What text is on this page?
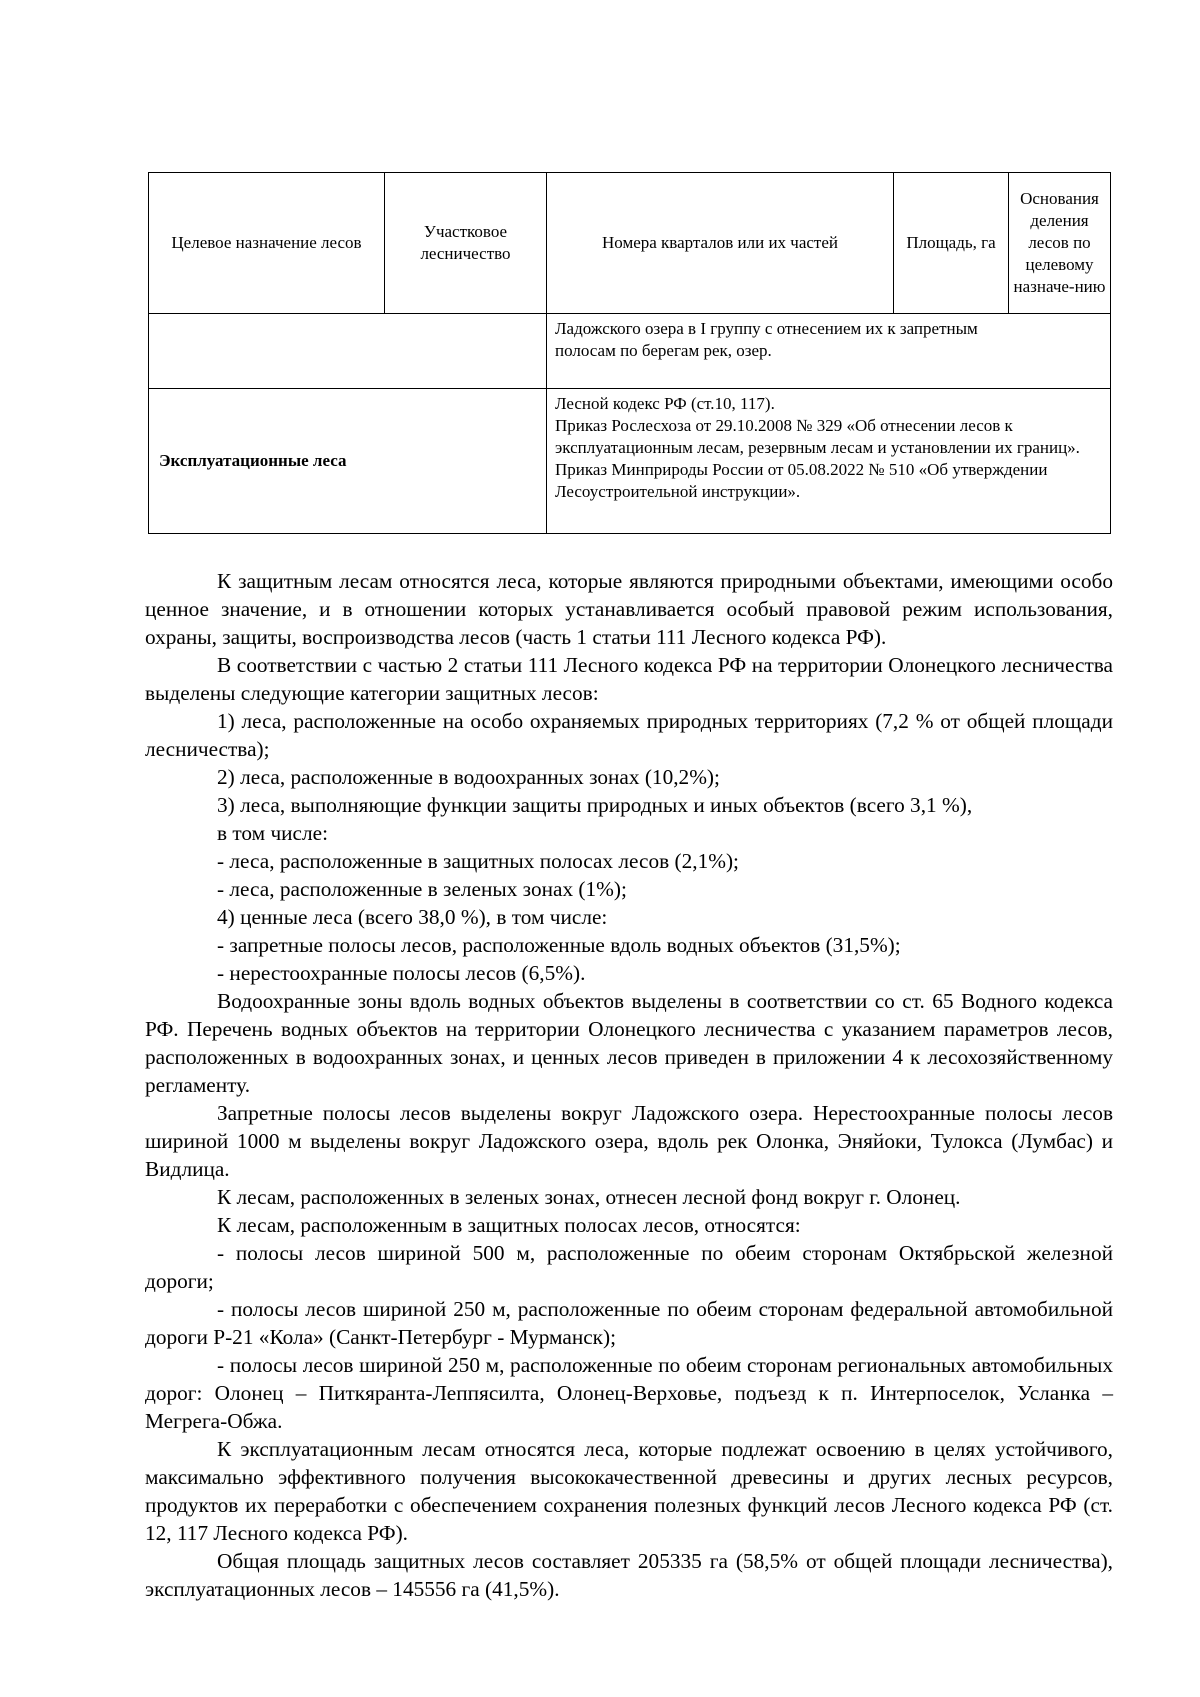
Целевое назначение лесов	Участковое лесничество	Номера кварталов или их частей	Площадь, га	Основания деления лесов по целевому назначе-нию

		Ладожского озера в I группу с отнесением их к запретным
полосам по берегам рек, озер.		

Эксплуатационные леса		Лесной кодекс РФ (ст.10, 117).
Приказ Рослесхоза от 29.10.2008 № 329 «Об отнесении лесов к эксплуатационным лесам, резервным лесам и установлении их границ».
Приказ Минприроды России от 05.08.2022 № 510 «Об утверждении Лесоустроительной инструкции».		

К защитным лесам относятся леса, которые являются природными объектами, имеющими особо ценное значение, и в отношении которых устанавливается особый правовой режим использования, охраны, защиты, воспроизводства лесов (часть 1 статьи 111 Лесного кодекса РФ).

В соответствии с частью 2 статьи 111 Лесного кодекса РФ на территории Олонецкого лесничества выделены следующие категории защитных лесов:

1) леса, расположенные на особо охраняемых природных территориях (7,2 % от общей площади лесничества);

2) леса, расположенные в водоохранных зонах (10,2%);

3) леса, выполняющие функции защиты природных и иных объектов (всего 3,1 %),

в том числе:

- леса, расположенные в защитных полосах лесов (2,1%);

- леса, расположенные в зеленых зонах (1%);

4) ценные леса (всего 38,0 %), в том числе:

- запретные полосы лесов, расположенные вдоль водных объектов (31,5%);

- нерестоохранные полосы лесов (6,5%).

Водоохранные зоны вдоль водных объектов выделены в соответствии со ст. 65 Водного кодекса РФ. Перечень водных объектов на территории Олонецкого лесничества с указанием параметров лесов, расположенных в водоохранных зонах, и ценных лесов приведен в приложении 4 к лесохозяйственному регламенту.

Запретные полосы лесов выделены вокруг Ладожского озера. Нерестоохранные полосы лесов шириной 1000 м выделены вокруг Ладожского озера, вдоль рек Олонка, Эняйоки, Тулокса (Лумбас) и Видлица.

К лесам, расположенных в зеленых зонах, отнесен лесной фонд вокруг г. Олонец.

К лесам, расположенным в защитных полосах лесов, относятся:

- полосы лесов шириной 500 м, расположенные по обеим сторонам Октябрьской железной дороги;

- полосы лесов шириной 250 м, расположенные по обеим сторонам федеральной автомобильной дороги Р-21 «Кола» (Санкт-Петербург - Мурманск);

- полосы лесов шириной 250 м, расположенные по обеим сторонам региональных автомобильных дорог: Олонец – Питкяранта-Леппясилта, Олонец-Верховье, подъезд к п. Интерпоселок, Усланка – Мегрега-Обжа.

К эксплуатационным лесам относятся леса, которые подлежат освоению в целях устойчивого, максимально эффективного получения высококачественной древесины и других лесных ресурсов, продуктов их переработки с обеспечением сохранения полезных функций лесов Лесного кодекса РФ (ст. 12, 117 Лесного кодекса РФ).

Общая площадь защитных лесов составляет 205335 га (58,5% от общей площади лесничества), эксплуатационных лесов – 145556 га (41,5%).
